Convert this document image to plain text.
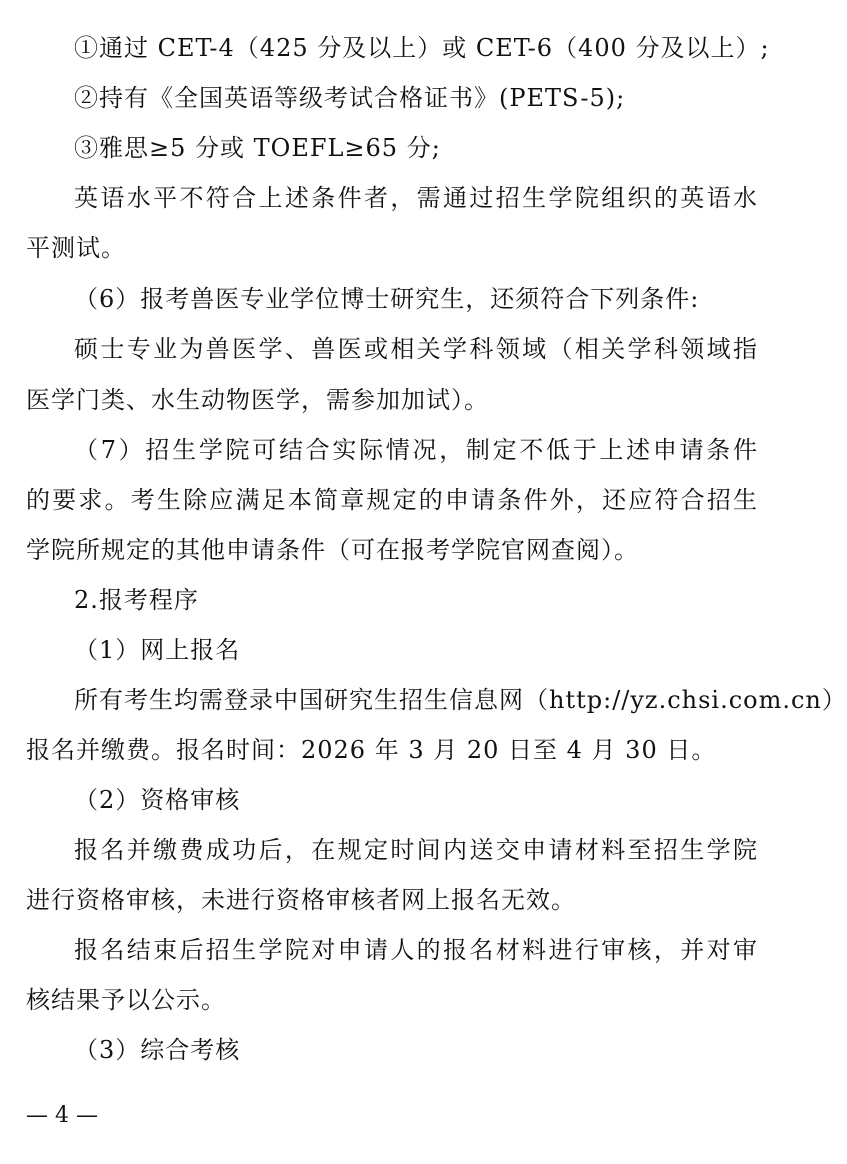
①通过 CET-4（425 分及以上）或 CET-6（400 分及以上）;
②持有《全国英语等级考试合格证书》(PETS-5);
③雅思≥5 分或 TOEFL≥65 分;
英语水平不符合上述条件者，需通过招生学院组织的英语水
平测试。
（6）报考兽医专业学位博士研究生，还须符合下列条件:
硕士专业为兽医学、兽医或相关学科领域（相关学科领域指
医学门类、水生动物医学，需参加加试）。
（7）招生学院可结合实际情况，制定不低于上述申请条件
的要求。考生除应满足本简章规定的申请条件外，还应符合招生
学院所规定的其他申请条件（可在报考学院官网查阅）。
2.报考程序
（1）网上报名
所有考生均需登录中国研究生招生信息网（http://yz.chsi.com.cn）
报名并缴费。报名时间：2026 年 3 月 20 日至 4 月 30 日。
（2）资格审核
报名并缴费成功后，在规定时间内送交申请材料至招生学院
进行资格审核，未进行资格审核者网上报名无效。
报名结束后招生学院对申请人的报名材料进行审核，并对审
核结果予以公示。
（3）综合考核
— 4 —
